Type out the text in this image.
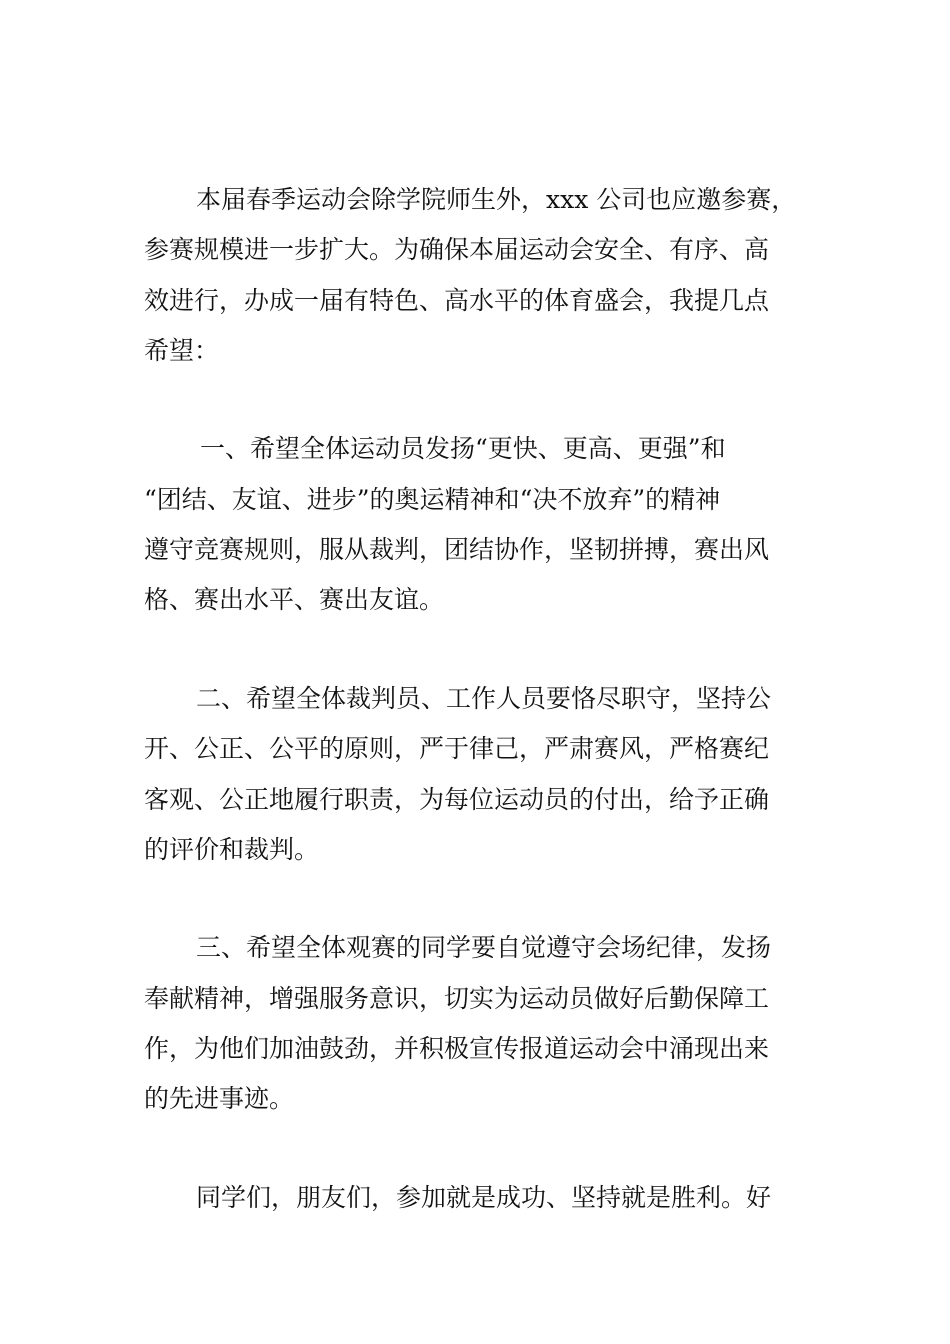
本届春季运动会除学院师生外，xxx 公司也应邀参赛，
参赛规模进一步扩大。为确保本届运动会安全、有序、高
效进行，办成一届有特色、高水平的体育盛会，我提几点
希望：
一、希望全体运动员发扬“更快、更高、更强”和
“团结、友谊、进步”的奥运精神和“决不放弃”的精神
遵守竞赛规则，服从裁判，团结协作，坚韧拼搏，赛出风
格、赛出水平、赛出友谊。
二、希望全体裁判员、工作人员要恪尽职守，坚持公
开、公正、公平的原则，严于律己，严肃赛风，严格赛纪
客观、公正地履行职责，为每位运动员的付出，给予正确
的评价和裁判。
三、希望全体观赛的同学要自觉遵守会场纪律，发扬
奉献精神，增强服务意识，切实为运动员做好后勤保障工
作，为他们加油鼓劲，并积极宣传报道运动会中涌现出来
的先进事迹。
同学们，朋友们，参加就是成功、坚持就是胜利。好
